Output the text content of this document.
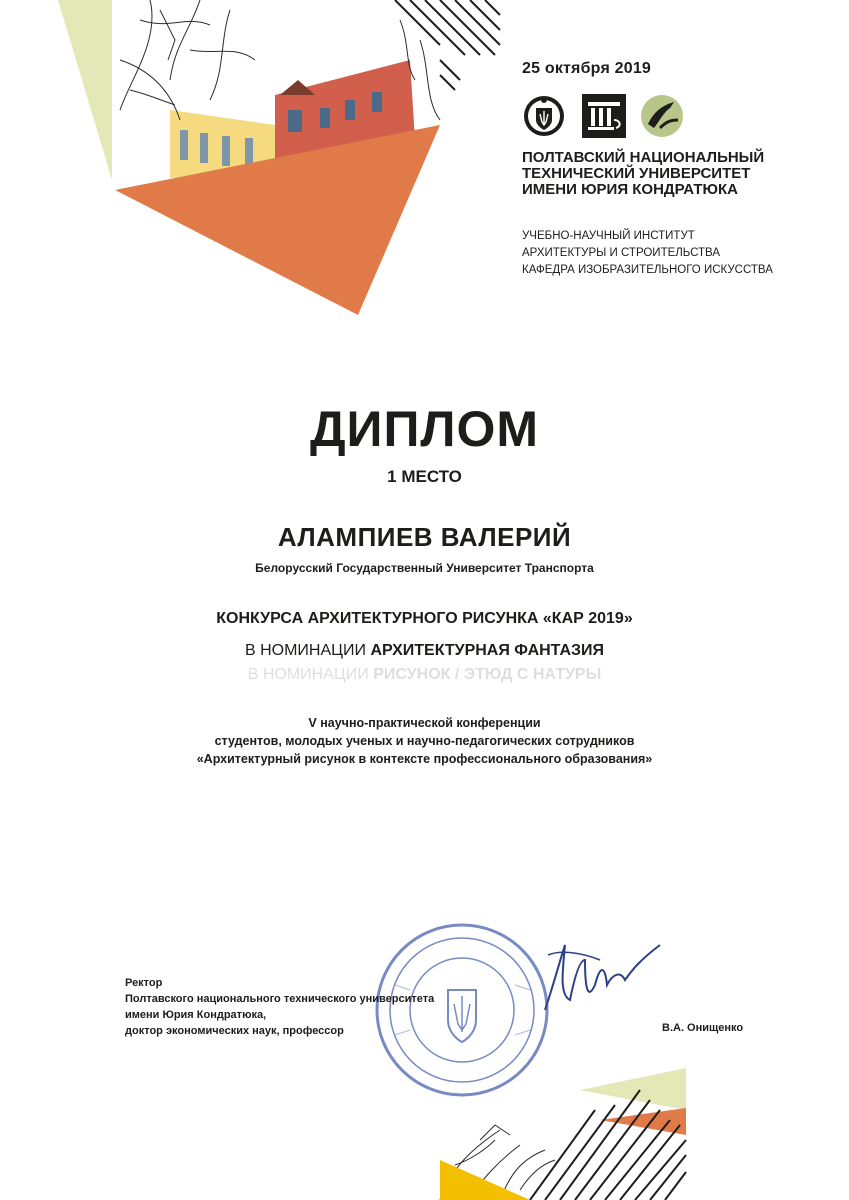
25 октября 2019
ПОЛТАВСКИЙ НАЦИОНАЛЬНЫЙ
ТЕХНИЧЕСКИЙ УНИВЕРСИТЕТ
ИМЕНИ ЮРИЯ КОНДРАТЮКА
УЧЕБНО-НАУЧНЫЙ ИНСТИТУТ
АРХИТЕКТУРЫ И СТРОИТЕЛЬСТВА
КАФЕДРА ИЗОБРАЗИТЕЛЬНОГО ИСКУССТВА
ДИПЛОМ
1 МЕСТО
АЛАМПИЕВ ВАЛЕРИЙ
Белорусский Государственный Университет Транспорта
КОНКУРСА АРХИТЕКТУРНОГО РИСУНКА «КАР 2019»
В НОМИНАЦИИ АРХИТЕКТУРНАЯ ФАНТАЗИЯ
В НОМИНАЦИИ РИСУНОК / ЭТЮД С НАТУРЫ
V научно-практической конференции
студентов, молодых ученых и научно-педагогических сотрудников
«Архитектурный рисунок в контексте профессионального образования»
Ректор
Полтавского национального технического университета
имени Юрия Кондратюка,
доктор экономических наук, профессор	В.А. Онищенко
